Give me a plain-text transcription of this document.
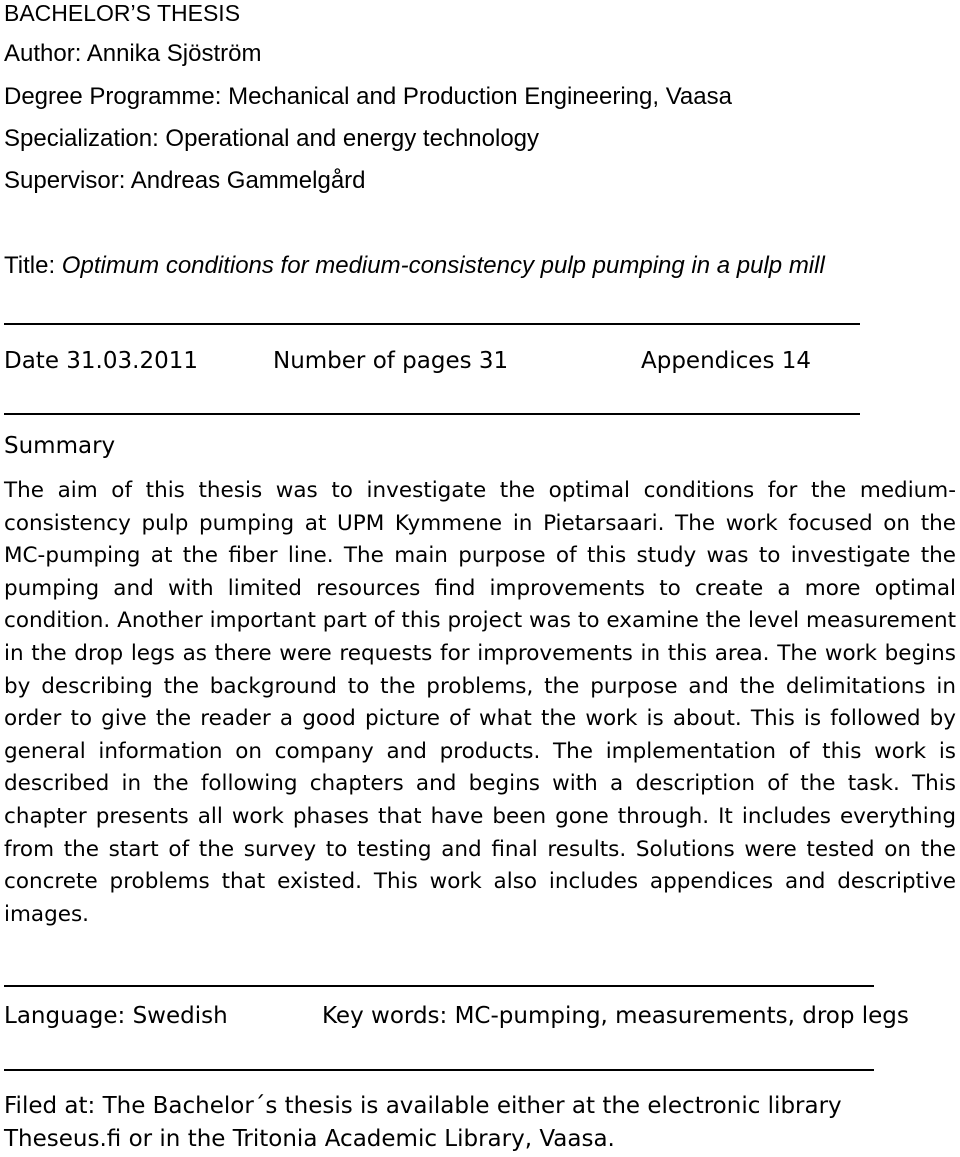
BACHELOR’S THESIS
Author: Annika Sjöström
Degree Programme: Mechanical and Production Engineering, Vaasa
Specialization: Operational and energy technology
Supervisor: Andreas Gammelgård
Title: Optimum conditions for medium-consistency pulp pumping in a pulp mill
Date 31.03.2011	Number of pages 31	Appendices 14
Summary

The aim of this thesis was to investigate the optimal conditions for the medium-consistency pulp pumping at UPM Kymmene in Pietarsaari. The work focused on the MC-pumping at the fiber line. The main purpose of this study was to investigate the pumping and with limited resources find improvements to create a more optimal condition. Another important part of this project was to examine the level measurement in the drop legs as there were requests for improvements in this area. The work begins by describing the background to the problems, the purpose and the delimitations in order to give the reader a good picture of what the work is about. This is followed by general information on company and products. The implementation of this work is described in the following chapters and begins with a description of the task. This chapter presents all work phases that have been gone through. It includes everything from the start of the survey to testing and final results. Solutions were tested on the concrete problems that existed. This work also includes appendices and descriptive images.

Language: Swedish	Key words: MC-pumping, measurements, drop legs

Filed at: The Bachelor´s thesis is available either at the electronic library Theseus.fi or in the Tritonia Academic Library, Vaasa.
